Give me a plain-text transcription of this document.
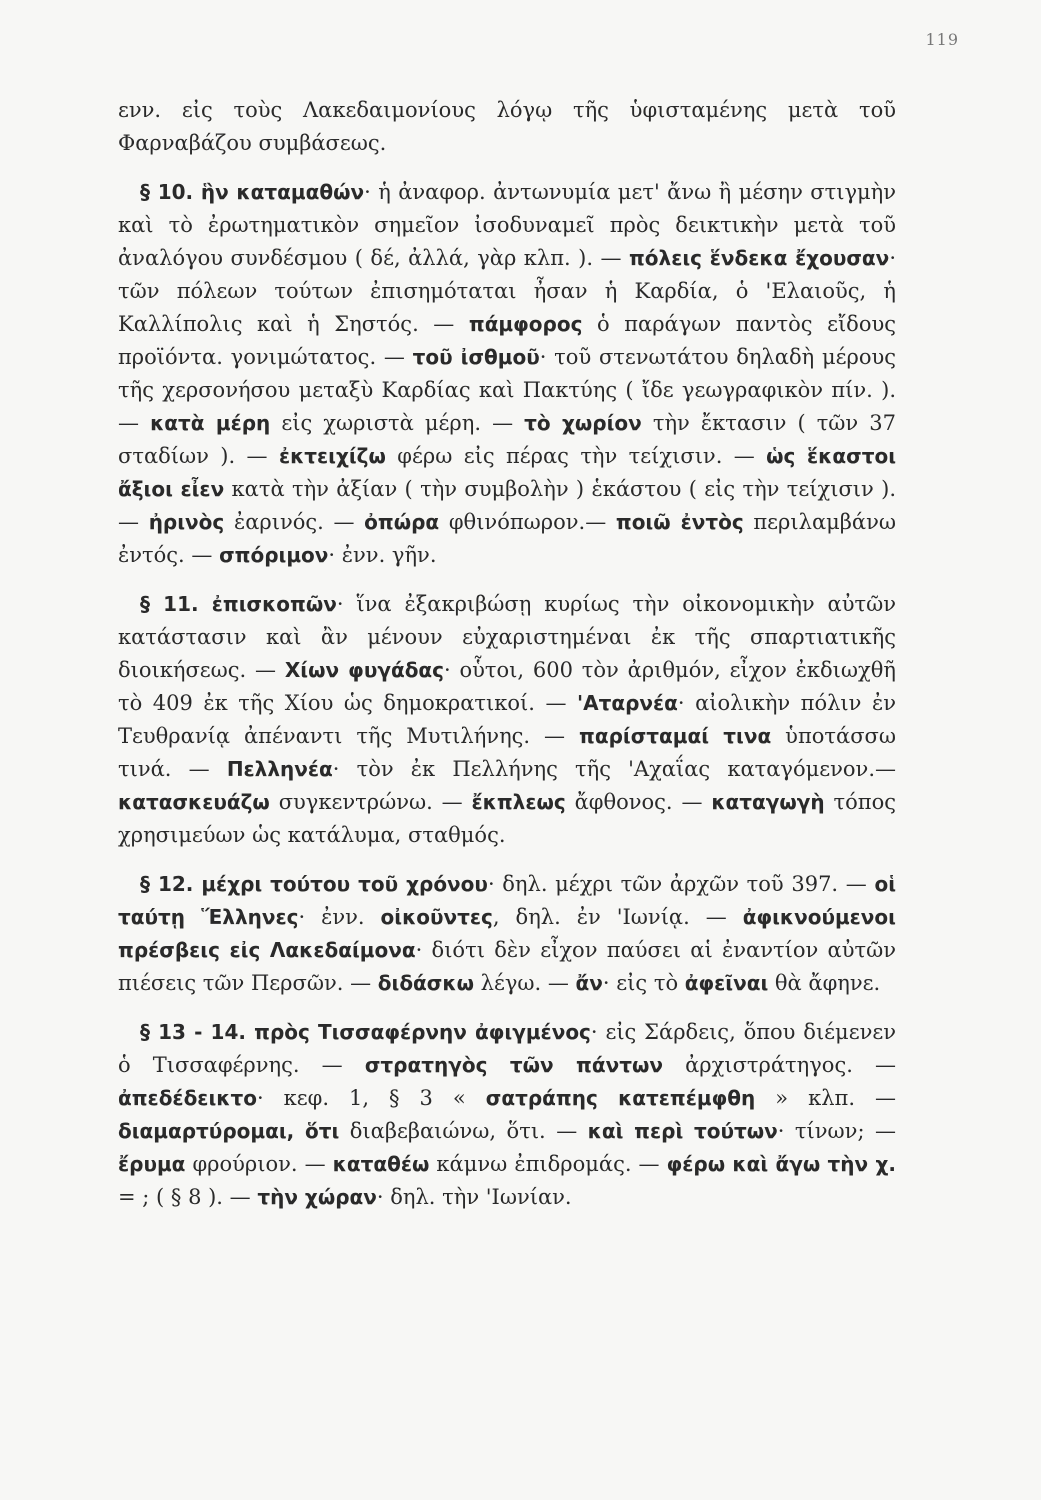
119

ενν. εἰς τοὺς Λακεδαιμονίους λόγῳ τῆς ὑφισταμένης μετὰ τοῦ Φαρναβάζου συμβάσεως.

§ 10. ἣν καταμαθών· ἡ ἀναφορ. ἀντωνυμία μετ' ἄνω ἢ μέσην στιγμὴν καὶ τὸ ἐρωτηματικὸν σημεῖον ἰσοδυναμεῖ πρὸς δεικτικὴν μετὰ τοῦ ἀναλόγου συνδέσμου ( δέ, ἀλλά, γὰρ κλπ. ). — πόλεις ἕνδεκα ἔχουσαν· τῶν πόλεων τούτων ἐπισημόταται ἦσαν ἡ Καρδία, ὁ 'Ελαιοῦς, ἡ Καλλίπολις καὶ ἡ Σηστός. — πάμφορος ὁ παράγων παντὸς εἴδους προϊόντα. γονιμώτατος. — τοῦ ἰσθμοῦ· τοῦ στενωτάτου δηλαδὴ μέρους τῆς χερσονήσου μεταξὺ Καρδίας καὶ Πακτύης ( ἴδε γεωγραφικὸν πίν. ).— κατὰ μέρη εἰς χωριστὰ μέρη. — τὸ χωρίον τὴν ἔκτασιν ( τῶν 37 σταδίων ). — ἐκτειχίζω φέρω εἰς πέρας τὴν τείχισιν. — ὡς ἕκαστοι ἄξιοι εἶεν κατὰ τὴν ἀξίαν ( τὴν συμβολὴν ) ἑκάστου ( εἰς τὴν τείχισιν ). — ἠρινὸς ἐαρινός. — ὀπώρα φθινόπωρον.— ποιῶ ἐντὸς περιλαμβάνω ἐντός. — σπόριμον· ἐνν. γῆν.

§ 11. ἐπισκοπῶν· ἵνα ἐξακριβώσῃ κυρίως τὴν οἰκονομικὴν αὐτῶν κατάστασιν καὶ ἂν μένουν εὐχαριστημέναι ἐκ τῆς σπαρτιατικῆς διοικήσεως. — Χίων φυγάδας· οὗτοι, 600 τὸν ἀριθμόν, εἶχον ἐκδιωχθῆ τὸ 409 ἐκ τῆς Χίου ὡς δημοκρατικοί. — 'Αταρνέα· αἰολικὴν πόλιν ἐν Τευθρανίᾳ ἀπέναντι τῆς Μυτιλήνης. — παρίσταμαί τινα ὑποτάσσω τινά. — Πελληνέα· τὸν ἐκ Πελλήνης τῆς 'Αχαΐας καταγόμενον.— κατασκευάζω συγκεντρώνω. — ἔκπλεως ἄφθονος. — καταγωγὴ τόπος χρησιμεύων ὡς κατάλυμα, σταθμός.

§ 12. μέχρι τούτου τοῦ χρόνου· δηλ. μέχρι τῶν ἀρχῶν τοῦ 397. — οἱ ταύτῃ Ἕλληνες· ἐνν. οἰκοῦντες, δηλ. ἐν 'Ιωνίᾳ. — ἀφικνούμενοι πρέσβεις εἰς Λακεδαίμονα· διότι δὲν εἶχον παύσει αἱ ἐναντίον αὐτῶν πιέσεις τῶν Περσῶν. — διδάσκω λέγω. — ἄν· εἰς τὸ ἀφεῖναι θὰ ἄφηνε.

§ 13 - 14. πρὸς Τισσαφέρνην ἀφιγμένος· εἰς Σάρδεις, ὅπου διέμενεν ὁ Τισσαφέρνης. — στρατηγὸς τῶν πάντων ἀρχιστράτηγος. — ἀπεδέδεικτο· κεφ. 1, § 3 « σατράπης κατεπέμφθη » κλπ. — διαμαρτύρομαι, ὅτι διαβεβαιώνω, ὅτι. — καὶ περὶ τούτων· τίνων; — ἔρυμα φρούριον. — καταθέω κάμνω ἐπιδρομάς. — φέρω καὶ ἄγω τὴν χ. = ; ( § 8 ). — τὴν χώραν· δηλ. τὴν 'Ιωνίαν.
